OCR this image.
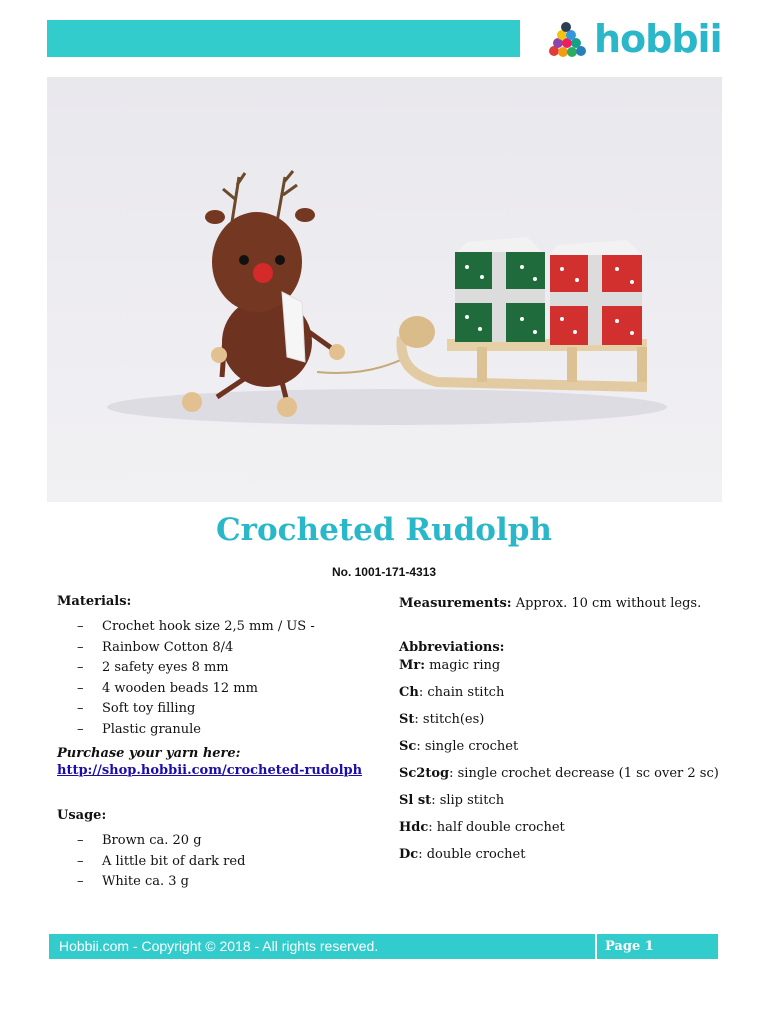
hobbii
Crocheted Rudolph
No. 1001-171-4313

Materials:

– Crochet hook size 2,5 mm / US -
– Rainbow Cotton 8/4
– 2 safety eyes 8 mm
– 4 wooden beads 12 mm
– Soft toy filling
– Plastic granule
Purchase your yarn here:
http://shop.hobbii.com/crocheted-rudolph

Usage:

– Brown ca. 20 g
– A little bit of dark red
– White ca. 3 g
Measurements: Approx. 10 cm without legs.

Abbreviations:

Mr: magic ring
Ch: chain stitch
St: stitch(es)
Sc: single crochet
Sc2tog: single crochet decrease (1 sc over 2 sc)
Sl st: slip stitch
Hdc: half double crochet
Dc: double crochet
Hobbii.com - Copyright © 2018 - All rights reserved.	Page 1
